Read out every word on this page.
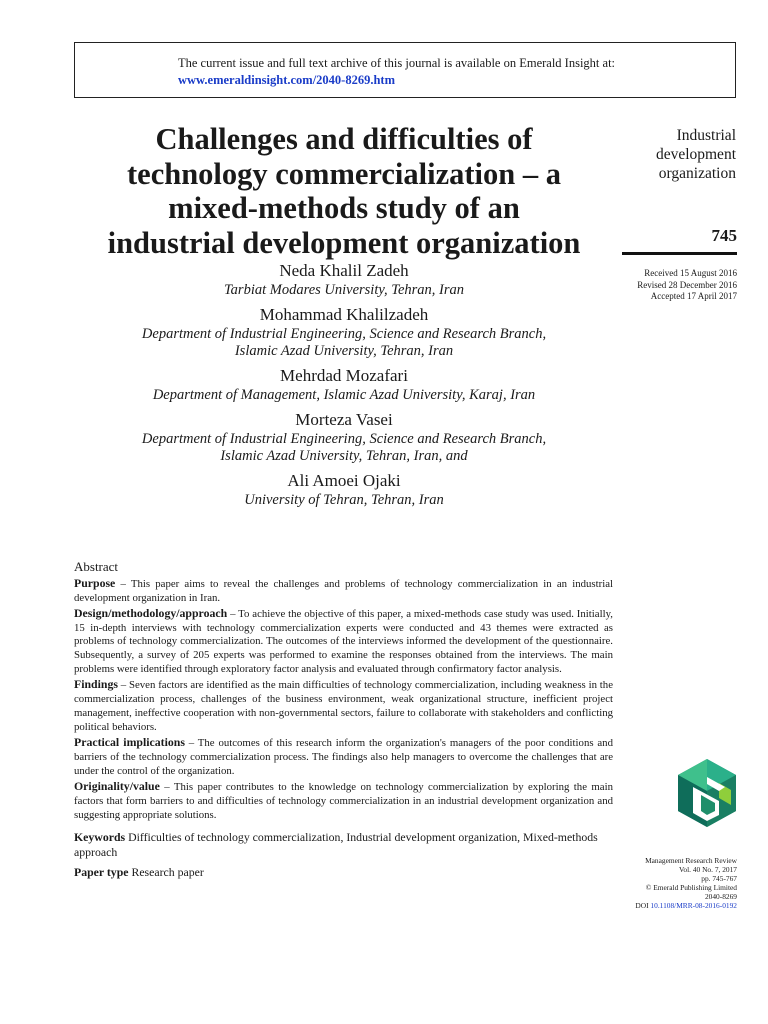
The current issue and full text archive of this journal is available on Emerald Insight at:
www.emeraldinsight.com/2040-8269.htm
Challenges and difficulties of
technology commercialization – a
mixed-methods study of an
industrial development organization
Industrial
development
organization
745
Received 15 August 2016
Revised 28 December 2016
Accepted 17 April 2017
Neda Khalil Zadeh
Tarbiat Modares University, Tehran, Iran
Mohammad Khalilzadeh
Department of Industrial Engineering, Science and Research Branch,
Islamic Azad University, Tehran, Iran
Mehrdad Mozafari
Department of Management, Islamic Azad University, Karaj, Iran
Morteza Vasei
Department of Industrial Engineering, Science and Research Branch,
Islamic Azad University, Tehran, Iran, and
Ali Amoei Ojaki
University of Tehran, Tehran, Iran
Abstract

Purpose – This paper aims to reveal the challenges and problems of technology commercialization in an industrial development organization in Iran.

Design/methodology/approach – To achieve the objective of this paper, a mixed-methods case study was used. Initially, 15 in-depth interviews with technology commercialization experts were conducted and 43 themes were extracted as problems of technology commercialization. The outcomes of the interviews informed the development of the questionnaire. Subsequently, a survey of 205 experts was performed to examine the responses obtained from the interviews. The main problems were identified through exploratory factor analysis and evaluated through confirmatory factor analysis.

Findings – Seven factors are identified as the main difficulties of technology commercialization, including weakness in the commercialization process, challenges of the business environment, weak organizational structure, inefficient project management, ineffective cooperation with non-governmental sectors, failure to collaborate with stakeholders and conflicting political behaviors.

Practical implications – The outcomes of this research inform the organization's managers of the poor conditions and barriers of the technology commercialization process. The findings also help managers to overcome the challenges that are under the control of the organization.

Originality/value – This paper contributes to the knowledge on technology commercialization by exploring the main factors that form barriers to and difficulties of technology commercialization in an industrial development organization and suggesting appropriate solutions.

Keywords Difficulties of technology commercialization, Industrial development organization, Mixed-methods approach

Paper type Research paper

Management Research Review
Vol. 40 No. 7, 2017
pp. 745-767
© Emerald Publishing Limited
2040-8269
DOI 10.1108/MRR-08-2016-0192
